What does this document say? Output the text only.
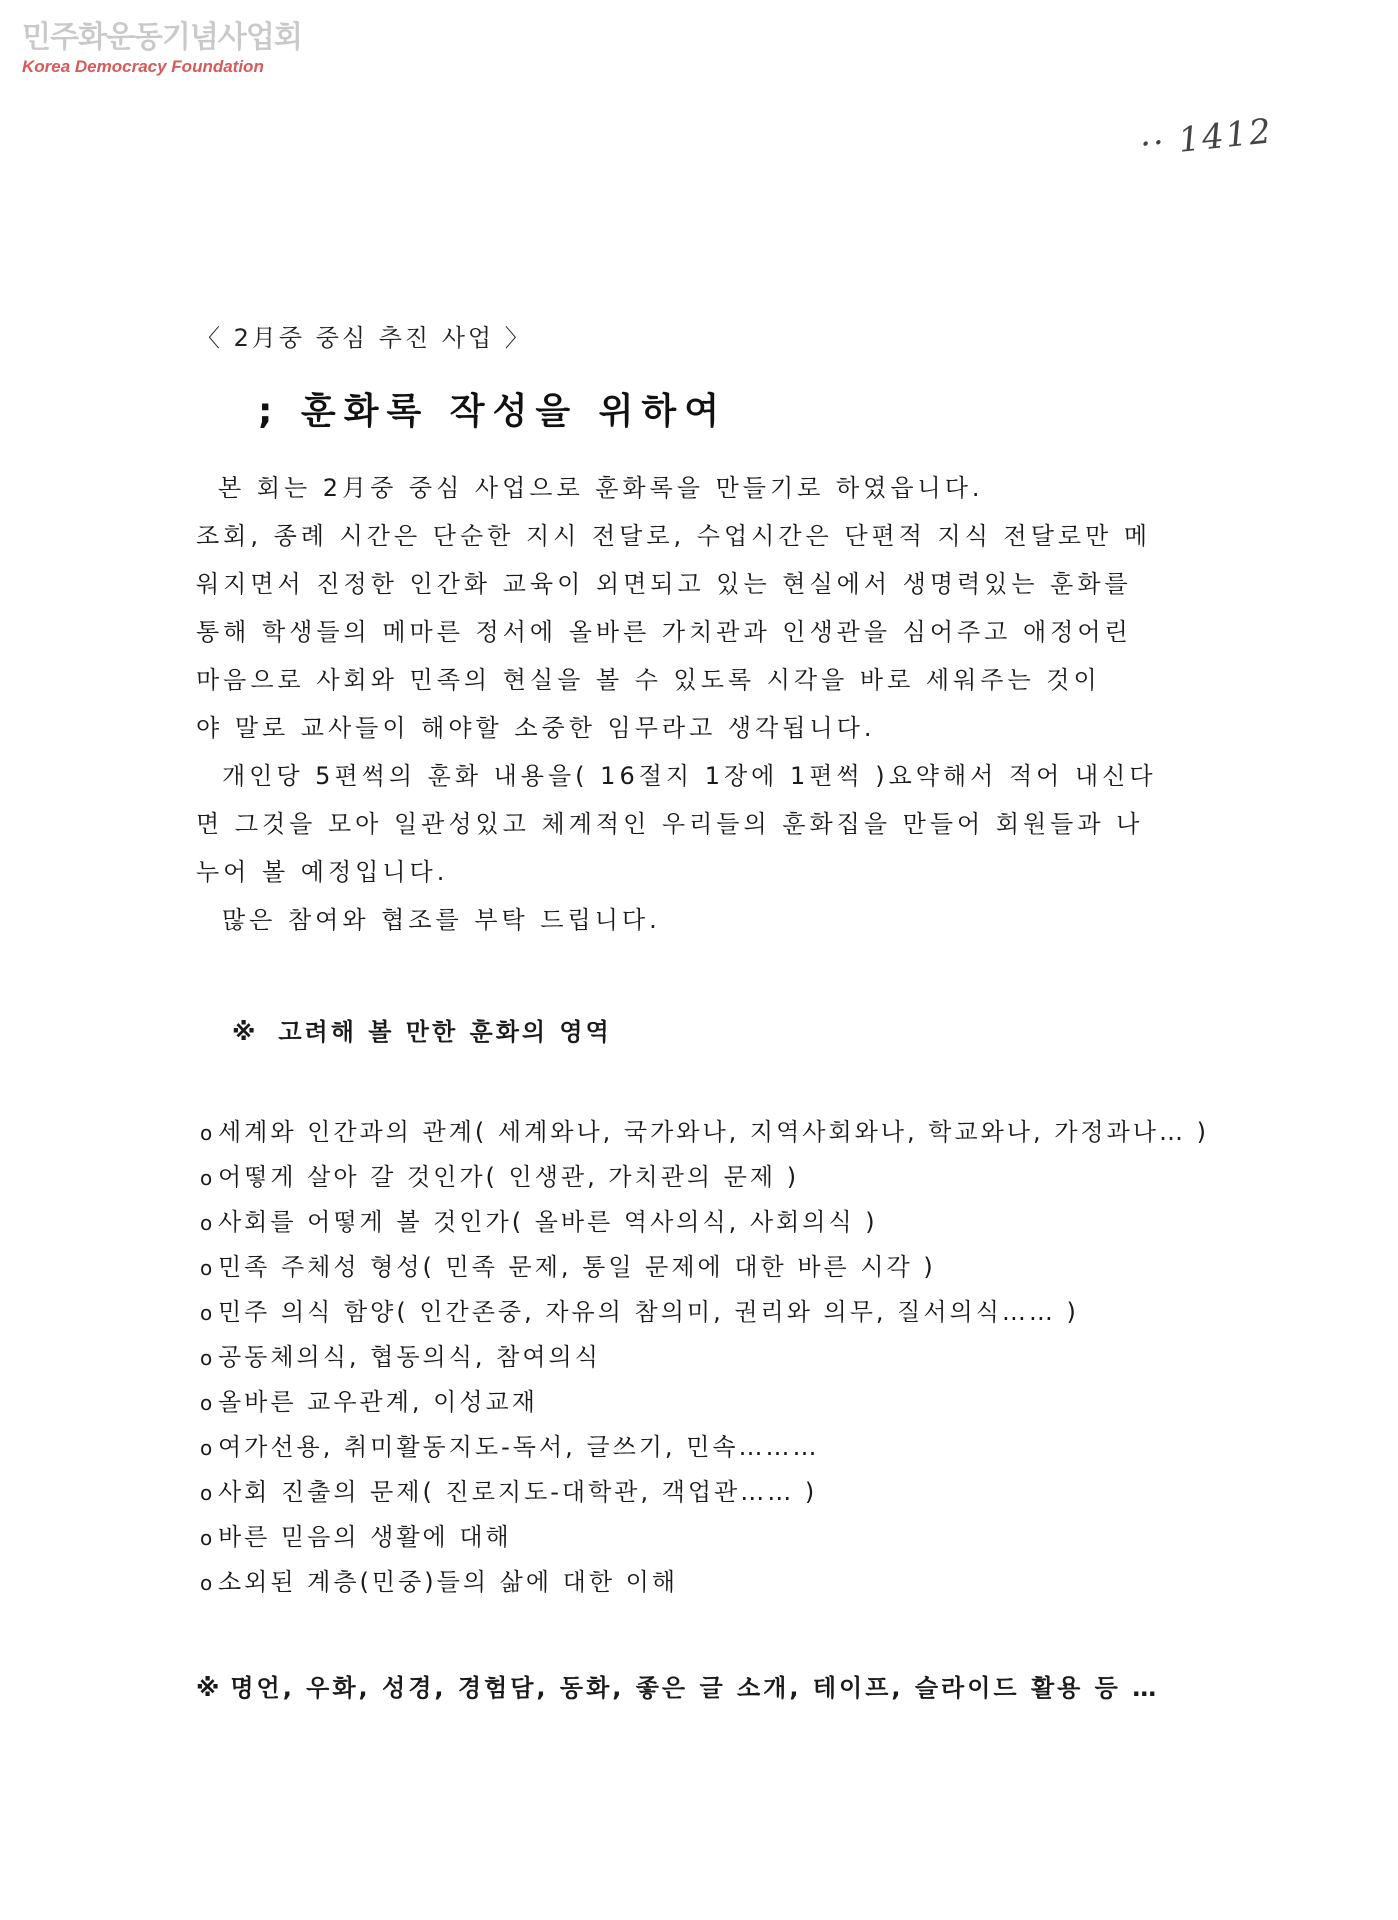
민주화운동기념사업회
Korea Democracy Foundation
·· 1412
〈 2月중 중심 추진 사업 〉
; 훈화록 작성을 위하여
본 회는 2月중 중심 사업으로 훈화록을 만들기로 하였읍니다.
조회, 종례 시간은 단순한 지시 전달로, 수업시간은 단편적 지식 전달로만 메
워지면서 진정한 인간화 교육이 외면되고 있는 현실에서 생명력있는 훈화를
통해 학생들의 메마른 정서에 올바른 가치관과 인생관을 심어주고 애정어린
마음으로 사회와 민족의 현실을 볼 수 있도록 시각을 바로 세워주는 것이
야 말로 교사들이 해야할 소중한 임무라고 생각됩니다.
개인당 5편썩의 훈화 내용을( 16절지 1장에 1편썩 )요약해서 적어 내신다
면 그것을 모아 일관성있고 체계적인 우리들의 훈화집을 만들어 회원들과 나
누어 볼 예정입니다.
많은 참여와 협조를 부탁 드립니다.
※ 고려해 볼 만한 훈화의 영역
o 세계와 인간과의 관계( 세계와나, 국가와나, 지역사회와나, 학교와나, 가정과나… )
o 어떻게 살아 갈 것인가( 인생관, 가치관의 문제 )
o 사회를 어떻게 볼 것인가( 올바른 역사의식, 사회의식 )
o 민족 주체성 형성( 민족 문제, 통일 문제에 대한 바른 시각 )
o 민주 의식 함양( 인간존중, 자유의 참의미, 권리와 의무, 질서의식…… )
o 공동체의식, 협동의식, 참여의식
o 올바른 교우관계, 이성교재
o 여가선용, 취미활동지도-독서, 글쓰기, 민속………
o 사회 진출의 문제( 진로지도-대학관, 객업관…… )
o 바른 믿음의 생활에 대해
o 소외된 계층(민중)들의 삶에 대한 이해
※ 명언, 우화, 성경, 경험담, 동화, 좋은 글 소개, 테이프, 슬라이드 활용 등 …
